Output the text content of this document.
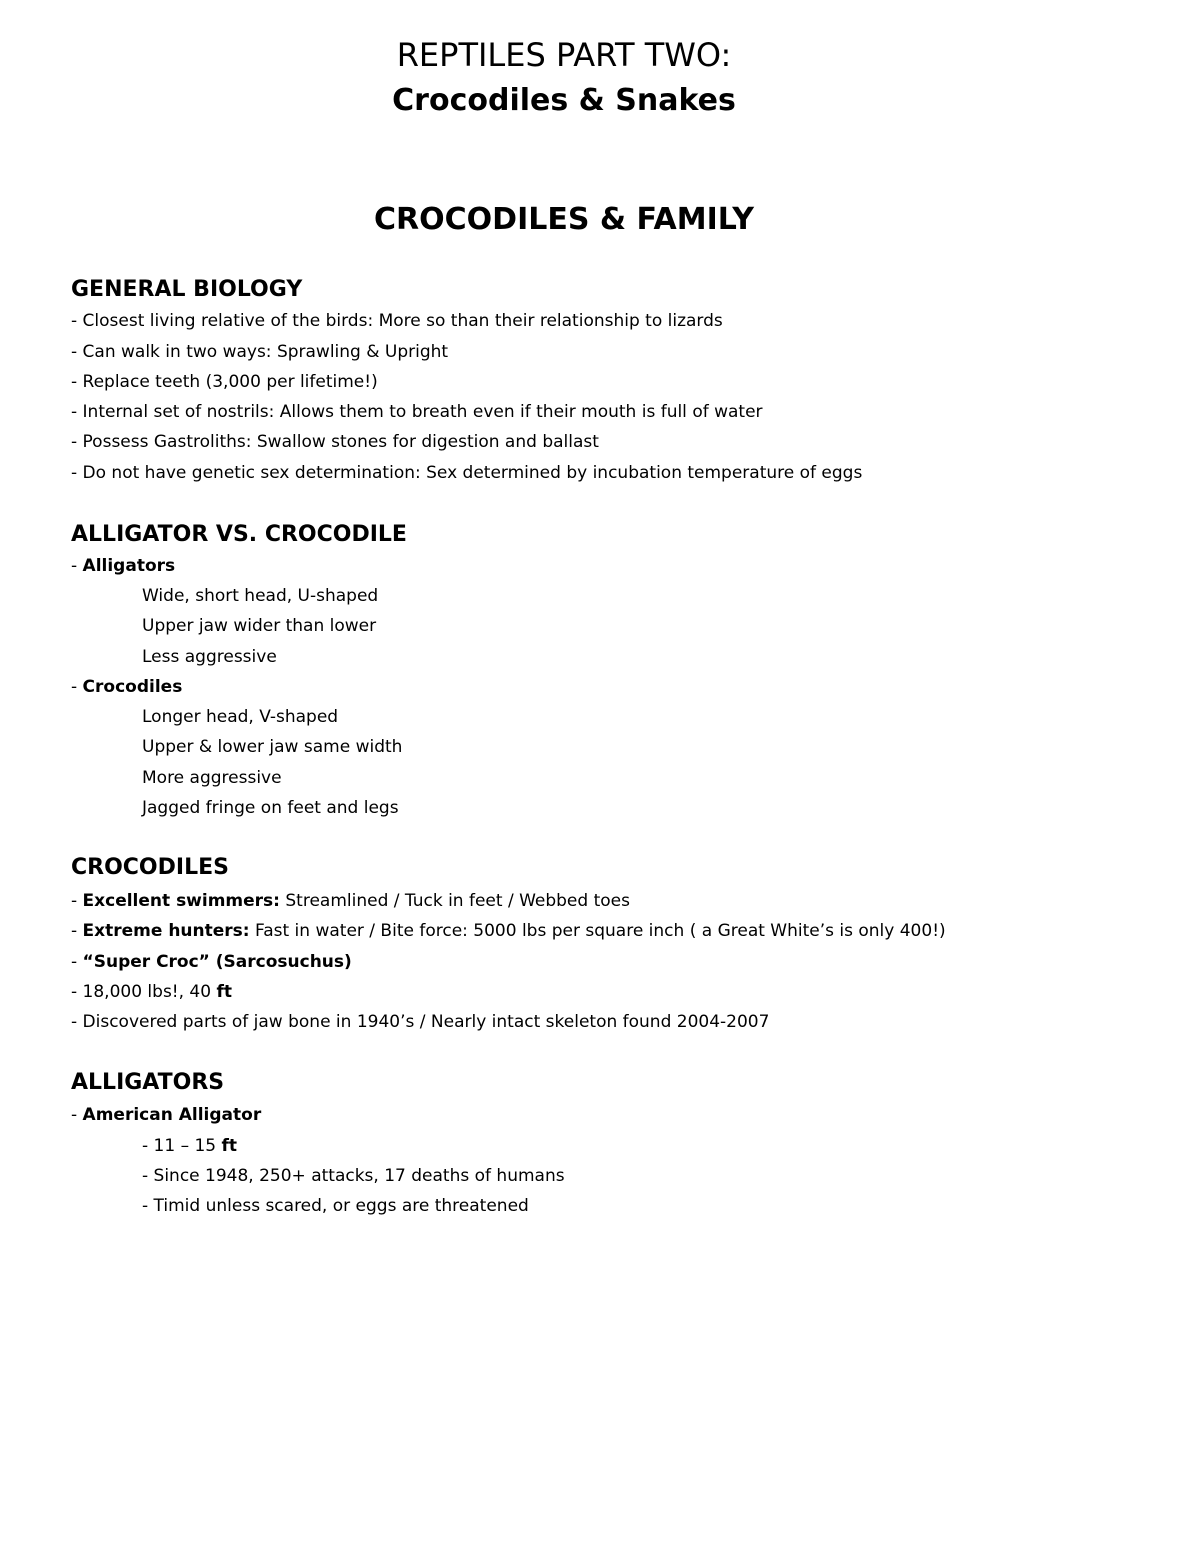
REPTILES PART TWO:
Crocodiles & Snakes
CROCODILES & FAMILY
GENERAL BIOLOGY
- Closest living relative of the birds: More so than their relationship to lizards
- Can walk in two ways: Sprawling & Upright
- Replace teeth (3,000 per lifetime!)
- Internal set of nostrils: Allows them to breath even if their mouth is full of water
- Possess Gastroliths: Swallow stones for digestion and ballast
- Do not have genetic sex determination: Sex determined by incubation temperature of eggs
ALLIGATOR VS. CROCODILE
- Alligators
Wide, short head, U-shaped
Upper jaw wider than lower
Less aggressive
- Crocodiles
Longer head, V-shaped
Upper & lower jaw same width
More aggressive
Jagged fringe on feet and legs
CROCODILES
- Excellent swimmers: Streamlined / Tuck in feet / Webbed toes
- Extreme hunters: Fast in water / Bite force: 5000 lbs per square inch ( a Great White’s is only 400!)
- “Super Croc” (Sarcosuchus)
- 18,000 lbs!, 40 ft
- Discovered parts of jaw bone in 1940’s / Nearly intact skeleton found 2004-2007
ALLIGATORS
- American Alligator
- 11 – 15 ft
- Since 1948, 250+ attacks, 17 deaths of humans
- Timid unless scared, or eggs are threatened
